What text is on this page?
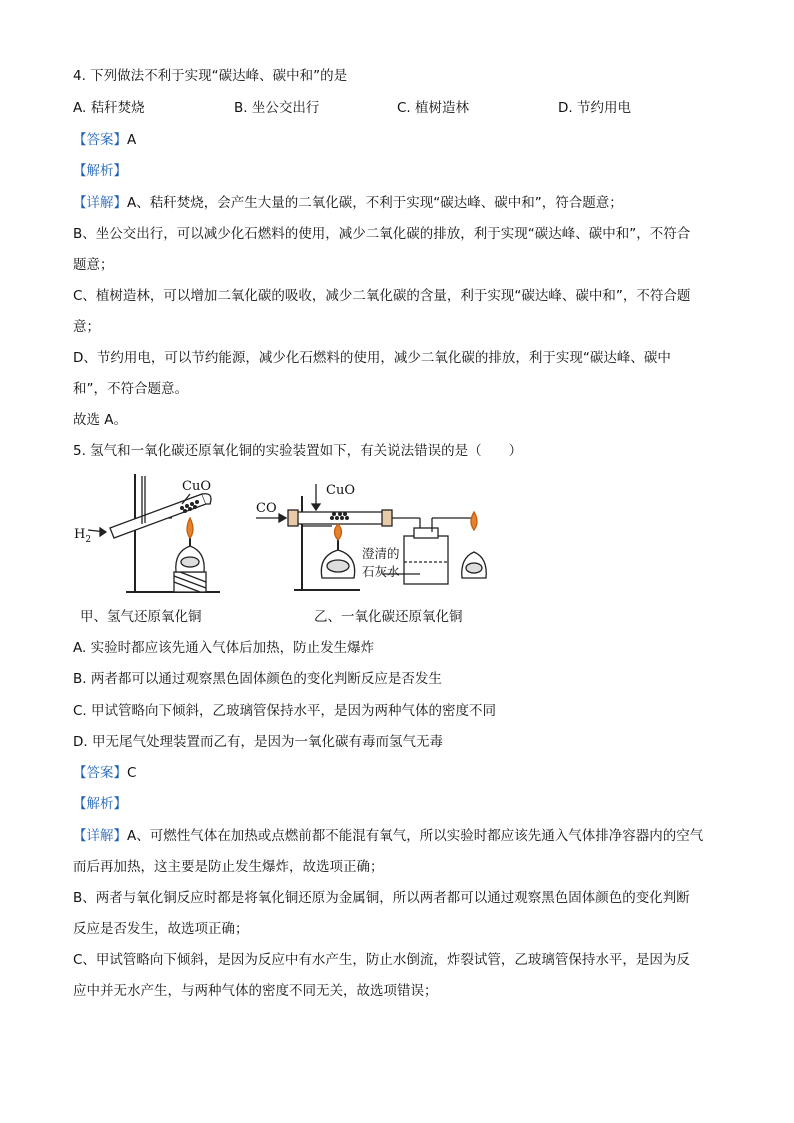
4. 下列做法不利于实现“碳达峰、碳中和”的是
A. 秸秆焚烧	B. 坐公交出行	C. 植树造林	D. 节约用电
【答案】A
【解析】
【详解】A、秸秆焚烧，会产生大量的二氧化碳，不利于实现“碳达峰、碳中和”，符合题意；
B、坐公交出行，可以减少化石燃料的使用，减少二氧化碳的排放，利于实现“碳达峰、碳中和”，不符合
题意；
C、植树造林，可以增加二氧化碳的吸收，减少二氧化碳的含量，利于实现“碳达峰、碳中和”，不符合题
意；
D、节约用电，可以节约能源，减少化石燃料的使用，减少二氧化碳的排放，利于实现“碳达峰、碳中
和”，不符合题意。
故选 A。
5. 氢气和一氧化碳还原氧化铜的实验装置如下，有关说法错误的是（　　）
CuO
$H_2$
CO
CuO
澄清的
石灰水
甲、氢气还原氧化铜	乙、一氧化碳还原氧化铜
A. 实验时都应该先通入气体后加热，防止发生爆炸
B. 两者都可以通过观察黑色固体颜色的变化判断反应是否发生
C. 甲试管略向下倾斜，乙玻璃管保持水平，是因为两种气体的密度不同
D. 甲无尾气处理装置而乙有，是因为一氧化碳有毒而氢气无毒
【答案】C
【解析】
【详解】A、可燃性气体在加热或点燃前都不能混有氧气，所以实验时都应该先通入气体排净容器内的空气
而后再加热，这主要是防止发生爆炸，故选项正确；
B、两者与氧化铜反应时都是将氧化铜还原为金属铜，所以两者都可以通过观察黑色固体颜色的变化判断
反应是否发生，故选项正确；
C、甲试管略向下倾斜，是因为反应中有水产生，防止水倒流，炸裂试管，乙玻璃管保持水平，是因为反
应中并无水产生，与两种气体的密度不同无关，故选项错误；
